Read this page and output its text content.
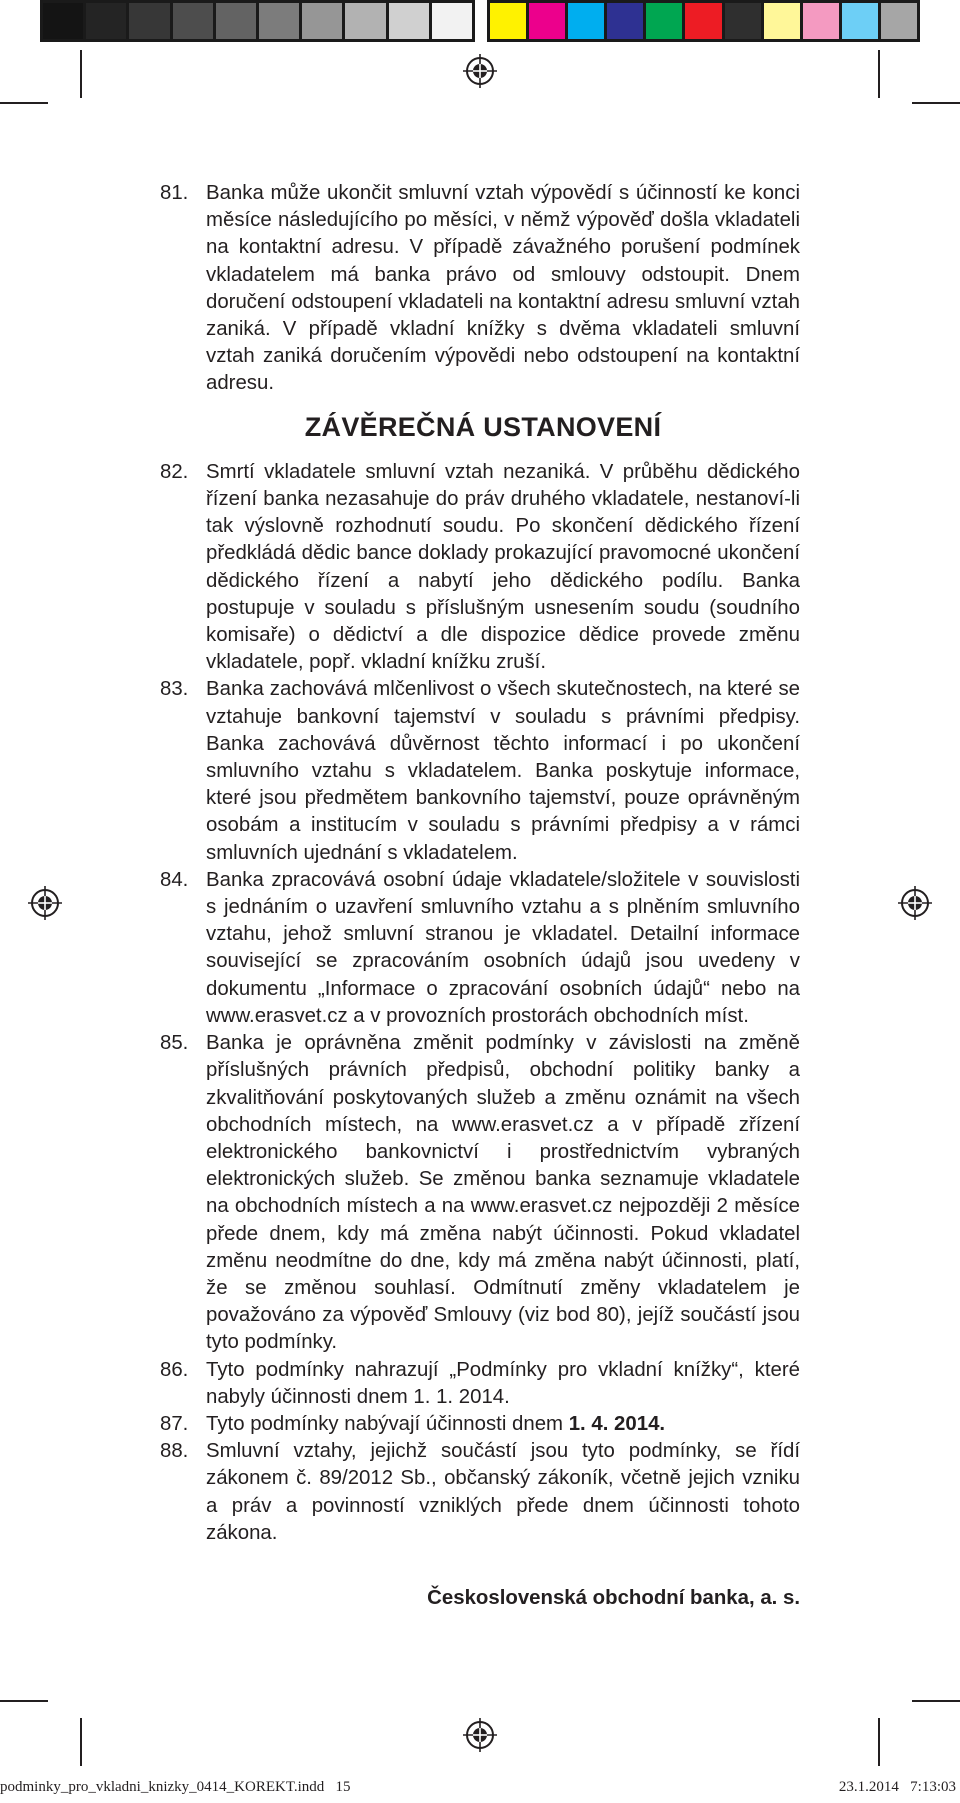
81. Banka může ukončit smluvní vztah výpovědí s účinností ke konci měsíce následujícího po měsíci, v němž výpověď došla vkladateli na kontaktní adresu. V případě závažného porušení podmínek vkladatelem má banka právo od smlouvy odstoupit. Dnem doručení odstoupení vkladateli na kontaktní adresu smluvní vztah zaniká. V případě vkladní knížky s dvěma vkladateli smluvní vztah zaniká doručením výpovědi nebo odstoupení na kontaktní adresu.
ZÁVĚREČNÁ USTANOVENÍ
82. Smrtí vkladatele smluvní vztah nezaniká. V průběhu dědického řízení banka nezasahuje do práv druhého vkladatele, nestanoví-li tak výslovně rozhodnutí soudu. Po skončení dědického řízení předkládá dědic bance doklady prokazující pravomocné ukončení dědického řízení a nabytí jeho dědického podílu. Banka postupuje v souladu s příslušným usnesením soudu (soudního komisaře) o dědictví a dle dispozice dědice provede změnu vkladatele, popř. vkladní knížku zruší.
83. Banka zachovává mlčenlivost o všech skutečnostech, na které se vztahuje bankovní tajemství v souladu s právními předpisy. Banka zachovává důvěrnost těchto informací i po ukončení smluvního vztahu s vkladatelem. Banka poskytuje informace, které jsou předmětem bankovního tajemství, pouze oprávněným osobám a institucím v souladu s právními předpisy a v rámci smluvních ujednání s vkladatelem.
84. Banka zpracovává osobní údaje vkladatele/složitele v souvislosti s jednáním o uzavření smluvního vztahu a s plněním smluvního vztahu, jehož smluvní stranou je vkladatel. Detailní informace související se zpracováním osobních údajů jsou uvedeny v dokumentu „Informace o zpracování osobních údajů“ nebo na www.erasvet.cz a v provozních prostorách obchodních míst.
85. Banka je oprávněna změnit podmínky v závislosti na změně příslušných právních předpisů, obchodní politiky banky a zkvalitňování poskytovaných služeb a změnu oznámit na všech obchodních místech, na www.erasvet.cz a v případě zřízení elektronického bankovnictví i prostřednictvím vybraných elektronických služeb. Se změnou banka seznamuje vkladatele na obchodních místech a na www.erasvet.cz nejpozději 2 měsíce přede dnem, kdy má změna nabýt účinnosti. Pokud vkladatel změnu neodmítne do dne, kdy má změna nabýt účinnosti, platí, že se změnou souhlasí. Odmítnutí změny vkladatelem je považováno za výpověď Smlouvy (viz bod 80), jejíž součástí jsou tyto podmínky.
86. Tyto podmínky nahrazují „Podmínky pro vkladní knížky“, které nabyly účinnosti dnem 1. 1. 2014.
87. Tyto podmínky nabývají účinnosti dnem 1. 4. 2014.
88. Smluvní vztahy, jejichž součástí jsou tyto podmínky, se řídí zákonem č. 89/2012 Sb., občanský zákoník, včetně jejich vzniku a práv a povinností vzniklých přede dnem účinnosti tohoto zákona.
Československá obchodní banka, a. s.
podminky_pro_vkladni_knizky_0414_KOREKT.indd   15	23.1.2014   7:13:03
